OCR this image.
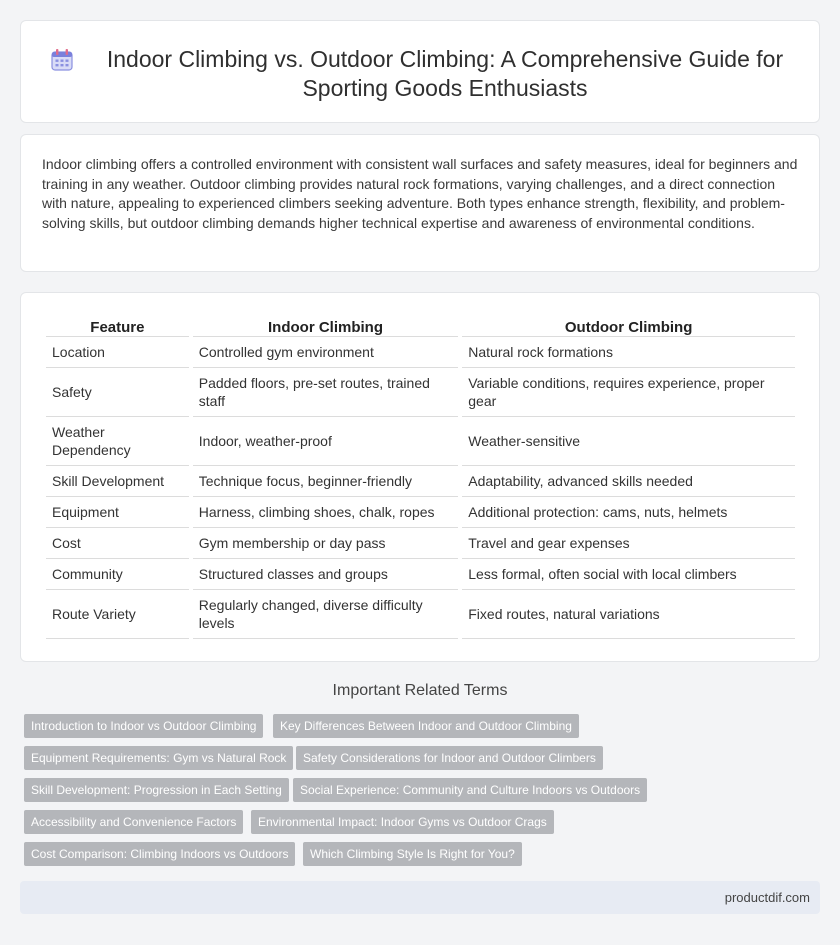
Indoor Climbing vs. Outdoor Climbing: A Comprehensive Guide for Sporting Goods Enthusiasts

Indoor climbing offers a controlled environment with consistent wall surfaces and safety measures, ideal for beginners and training in any weather. Outdoor climbing provides natural rock formations, varying challenges, and a direct connection with nature, appealing to experienced climbers seeking adventure. Both types enhance strength, flexibility, and problem-solving skills, but outdoor climbing demands higher technical expertise and awareness of environmental conditions.

Feature	Indoor Climbing	Outdoor Climbing
Location	Controlled gym environment	Natural rock formations
Safety	Padded floors, pre-set routes, trained staff	Variable conditions, requires experience, proper gear
Weather Dependency	Indoor, weather-proof	Weather-sensitive
Skill Development	Technique focus, beginner-friendly	Adaptability, advanced skills needed
Equipment	Harness, climbing shoes, chalk, ropes	Additional protection: cams, nuts, helmets
Cost	Gym membership or day pass	Travel and gear expenses
Community	Structured classes and groups	Less formal, often social with local climbers
Route Variety	Regularly changed, diverse difficulty levels	Fixed routes, natural variations
Important Related Terms
Introduction to Indoor vs Outdoor Climbing	Key Differences Between Indoor and Outdoor Climbing
Equipment Requirements: Gym vs Natural Rock	Safety Considerations for Indoor and Outdoor Climbers
Skill Development: Progression in Each Setting	Social Experience: Community and Culture Indoors vs Outdoors
Accessibility and Convenience Factors	Environmental Impact: Indoor Gyms vs Outdoor Crags
Cost Comparison: Climbing Indoors vs Outdoors	Which Climbing Style Is Right for You?
productdif.com
